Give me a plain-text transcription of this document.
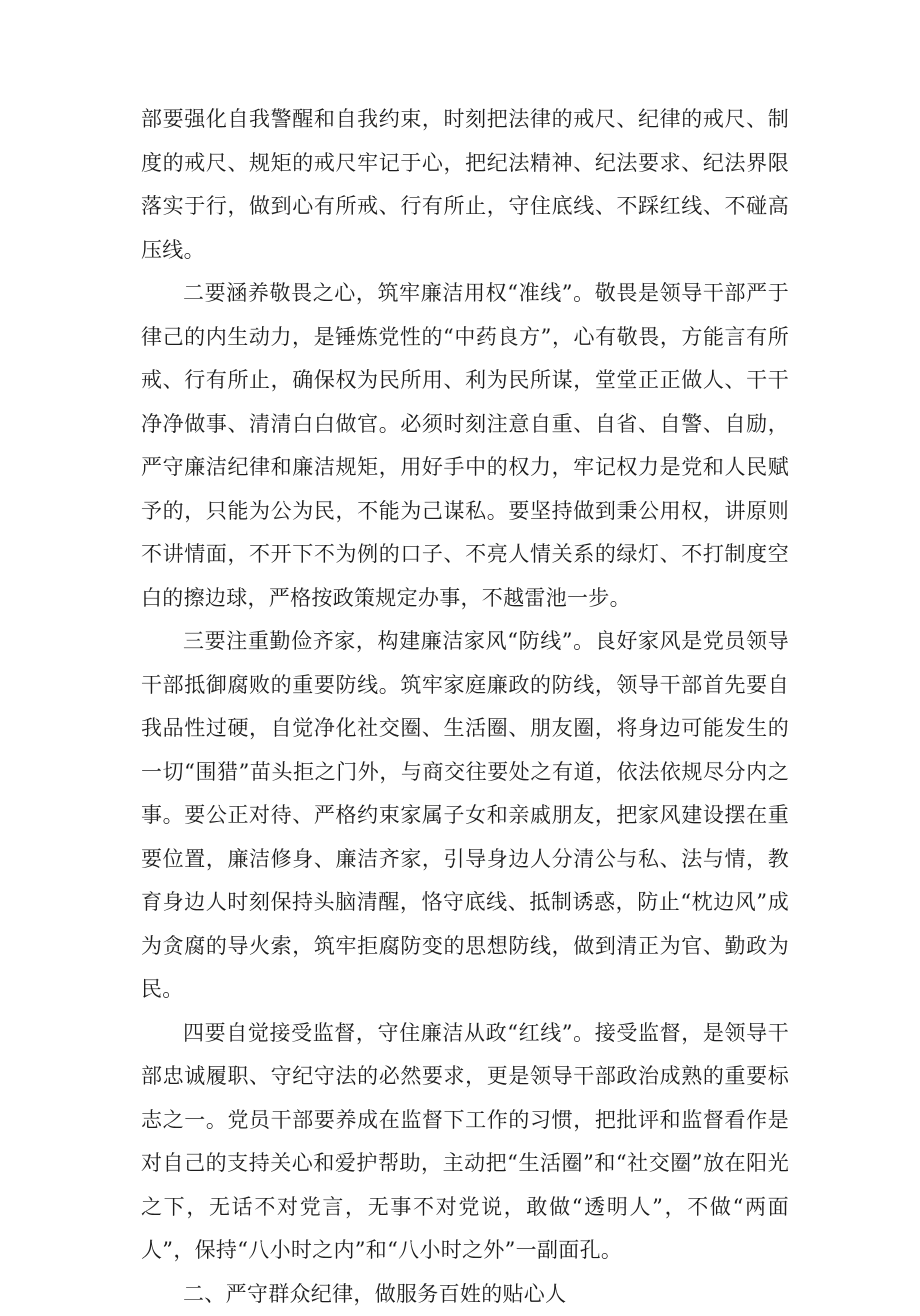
部要强化自我警醒和自我约束，时刻把法律的戒尺、纪律的戒尺、制度的戒尺、规矩的戒尺牢记于心，把纪法精神、纪法要求、纪法界限落实于行，做到心有所戒、行有所止，守住底线、不踩红线、不碰高压线。

二要涵养敬畏之心，筑牢廉洁用权“准线”。敬畏是领导干部严于律己的内生动力，是锤炼党性的“中药良方”，心有敬畏，方能言有所戒、行有所止，确保权为民所用、利为民所谋，堂堂正正做人、干干净净做事、清清白白做官。必须时刻注意自重、自省、自警、自励，严守廉洁纪律和廉洁规矩，用好手中的权力，牢记权力是党和人民赋予的，只能为公为民，不能为己谋私。要坚持做到秉公用权，讲原则不讲情面，不开下不为例的口子、不亮人情关系的绿灯、不打制度空白的擦边球，严格按政策规定办事，不越雷池一步。

三要注重勤俭齐家，构建廉洁家风“防线”。良好家风是党员领导干部抵御腐败的重要防线。筑牢家庭廉政的防线，领导干部首先要自我品性过硬，自觉净化社交圈、生活圈、朋友圈，将身边可能发生的一切“围猎”苗头拒之门外，与商交往要处之有道，依法依规尽分内之事。要公正对待、严格约束家属子女和亲戚朋友，把家风建设摆在重要位置，廉洁修身、廉洁齐家，引导身边人分清公与私、法与情，教育身边人时刻保持头脑清醒，恪守底线、抵制诱惑，防止“枕边风”成为贪腐的导火索，筑牢拒腐防变的思想防线，做到清正为官、勤政为民。

四要自觉接受监督，守住廉洁从政“红线”。接受监督，是领导干部忠诚履职、守纪守法的必然要求，更是领导干部政治成熟的重要标志之一。党员干部要养成在监督下工作的习惯，把批评和监督看作是对自己的支持关心和爱护帮助，主动把“生活圈”和“社交圈”放在阳光之下，无话不对党言，无事不对党说，敢做“透明人”，不做“两面人”，保持“八小时之内”和“八小时之外”一副面孔。

二、严守群众纪律，做服务百姓的贴心人
